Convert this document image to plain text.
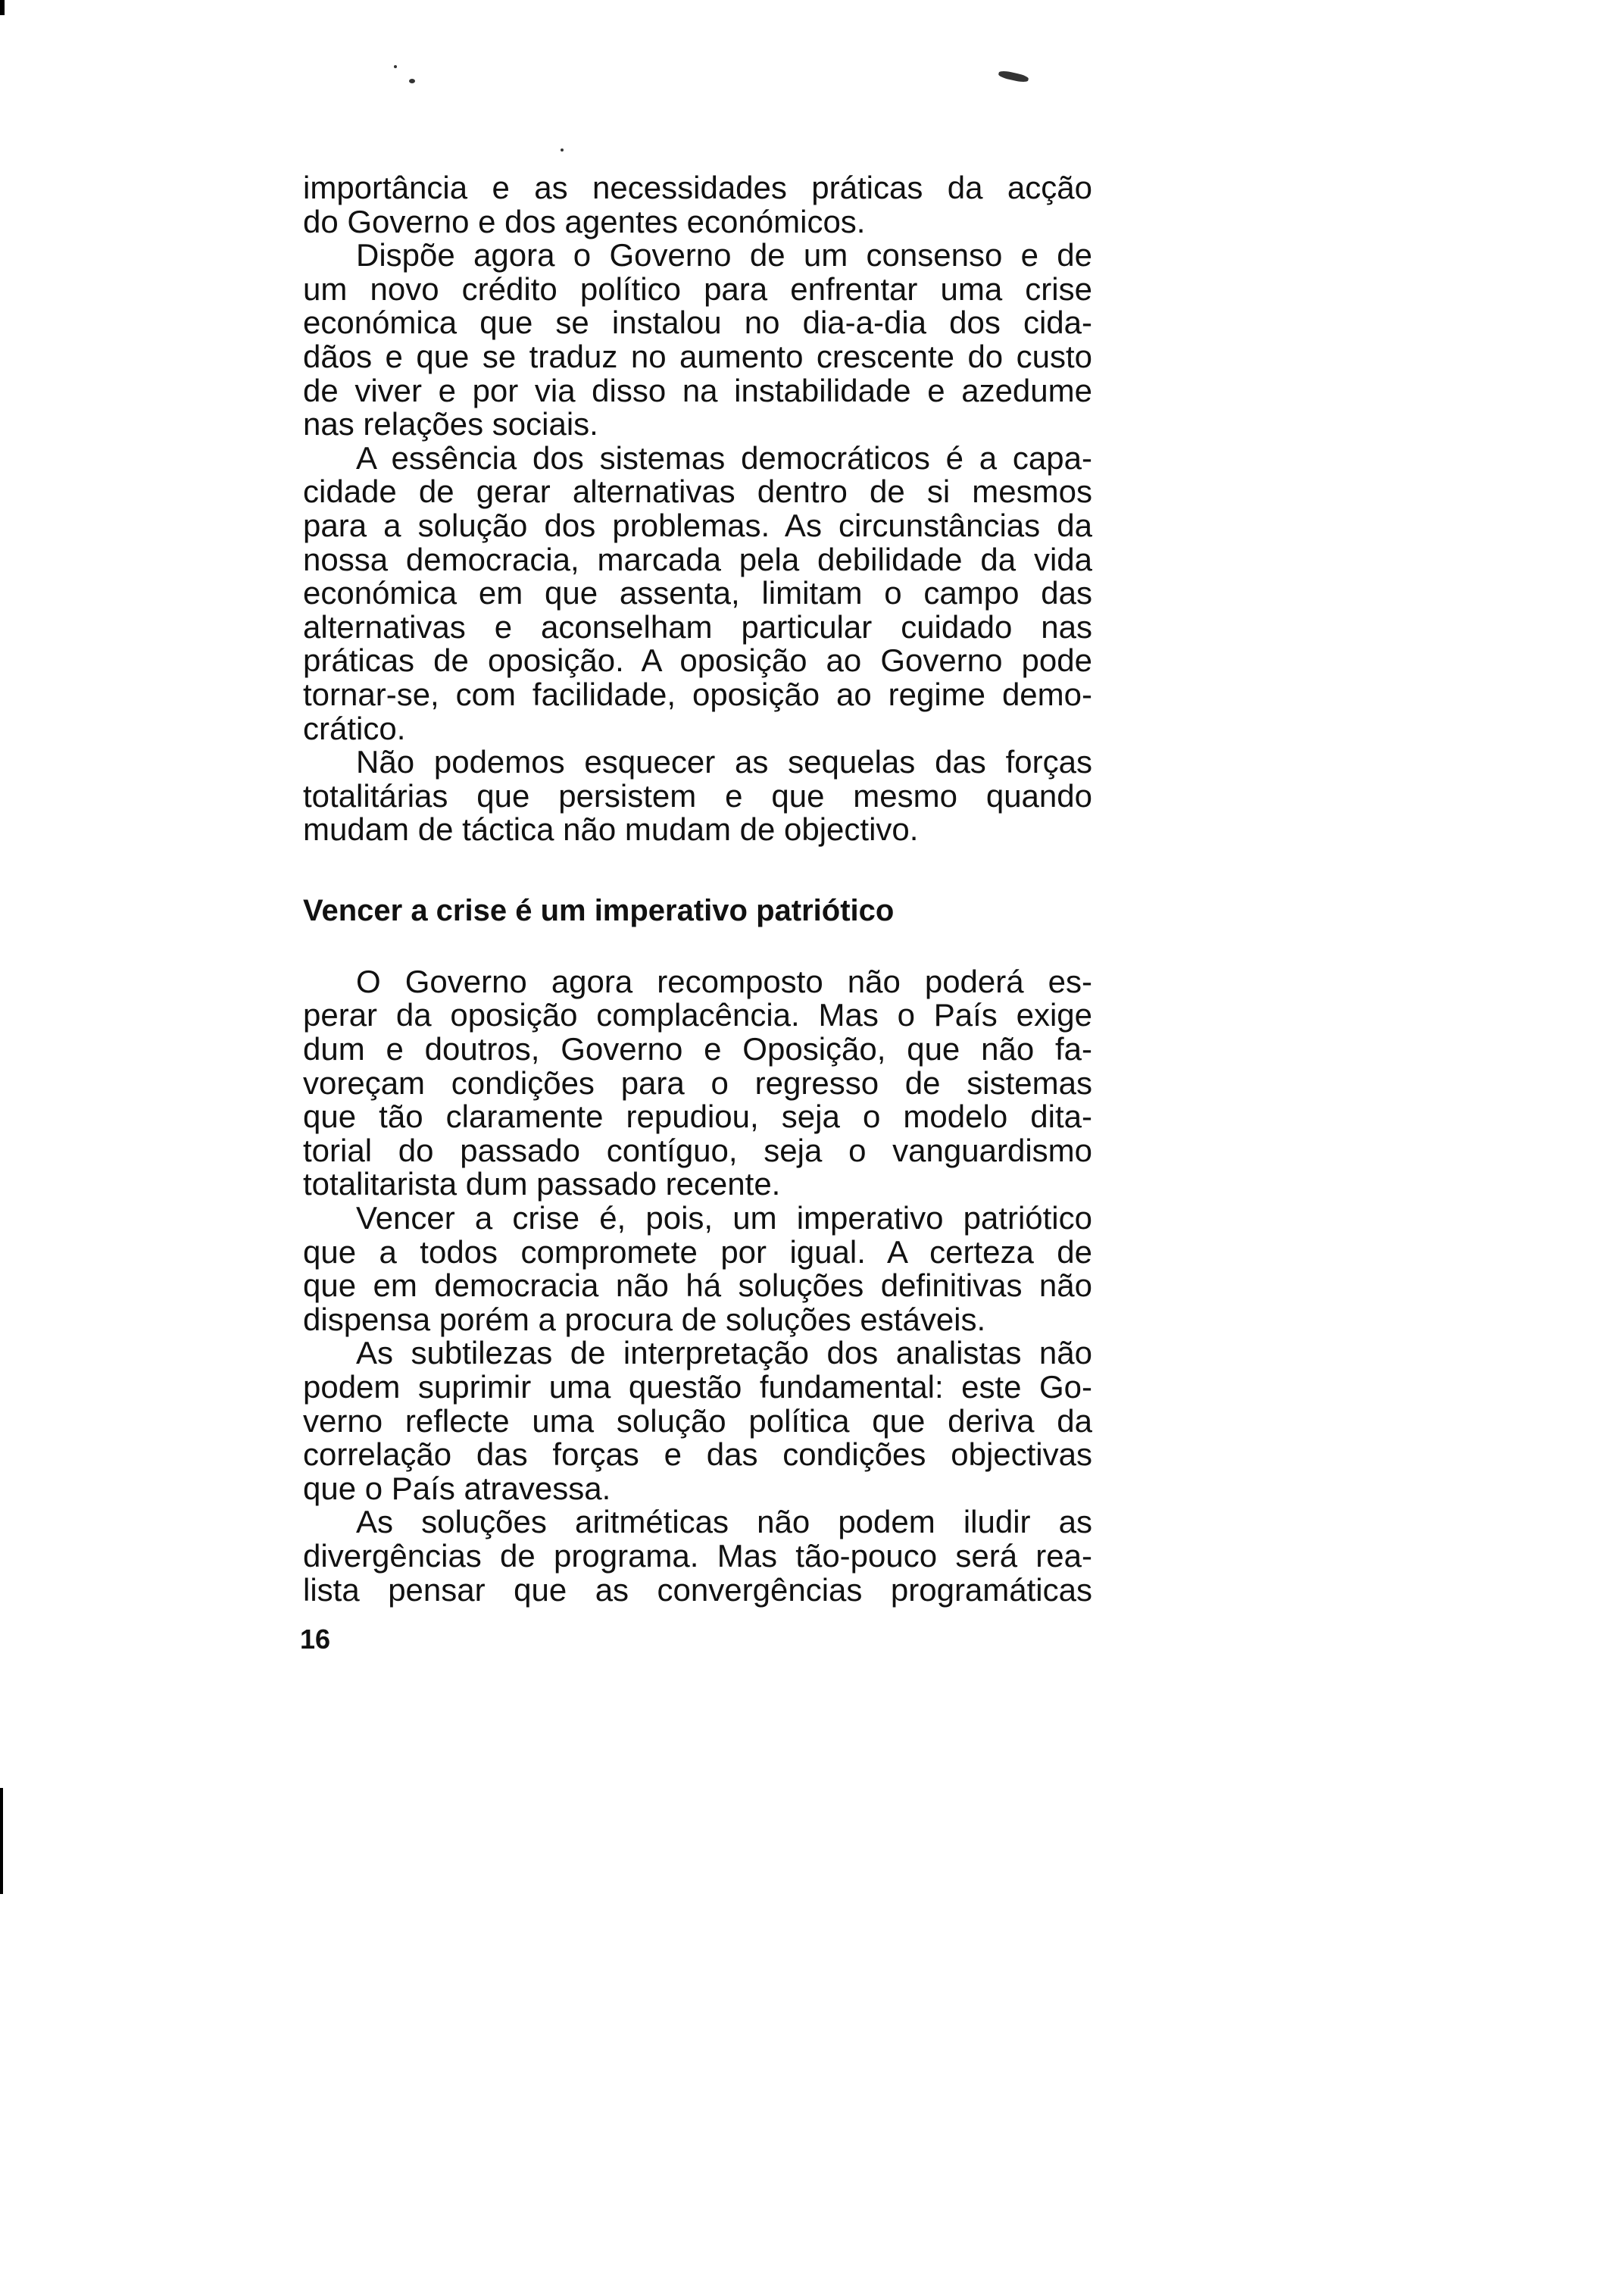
importância e as necessidades práticas da acção
do Governo e dos agentes económicos.
Dispõe agora o Governo de um consenso e de
um novo crédito político para enfrentar uma crise
económica que se instalou no dia-a-dia dos cida-
dãos e que se traduz no aumento crescente do custo
de viver e por via disso na instabilidade e azedume
nas relações sociais.
A essência dos sistemas democráticos é a capa-
cidade de gerar alternativas dentro de si mesmos
para a solução dos problemas. As circunstâncias da
nossa democracia, marcada pela debilidade da vida
económica em que assenta, limitam o campo das
alternativas e aconselham particular cuidado nas
práticas de oposição. A oposição ao Governo pode
tornar-se, com facilidade, oposição ao regime demo-
crático.
Não podemos esquecer as sequelas das forças
totalitárias que persistem e que mesmo quando
mudam de táctica não mudam de objectivo.
Vencer a crise é um imperativo patriótico
O Governo agora recomposto não poderá es-
perar da oposição complacência. Mas o País exige
dum e doutros, Governo e Oposição, que não fa-
voreçam condições para o regresso de sistemas
que tão claramente repudiou, seja o modelo dita-
torial do passado contíguo, seja o vanguardismo
totalitarista dum passado recente.
Vencer a crise é, pois, um imperativo patriótico
que a todos compromete por igual. A certeza de
que em democracia não há soluções definitivas não
dispensa porém a procura de soluções estáveis.
As subtilezas de interpretação dos analistas não
podem suprimir uma questão fundamental: este Go-
verno reflecte uma solução política que deriva da
correlação das forças e das condições objectivas
que o País atravessa.
As soluções aritméticas não podem iludir as
divergências de programa. Mas tão-pouco será rea-
lista pensar que as convergências programáticas
16
